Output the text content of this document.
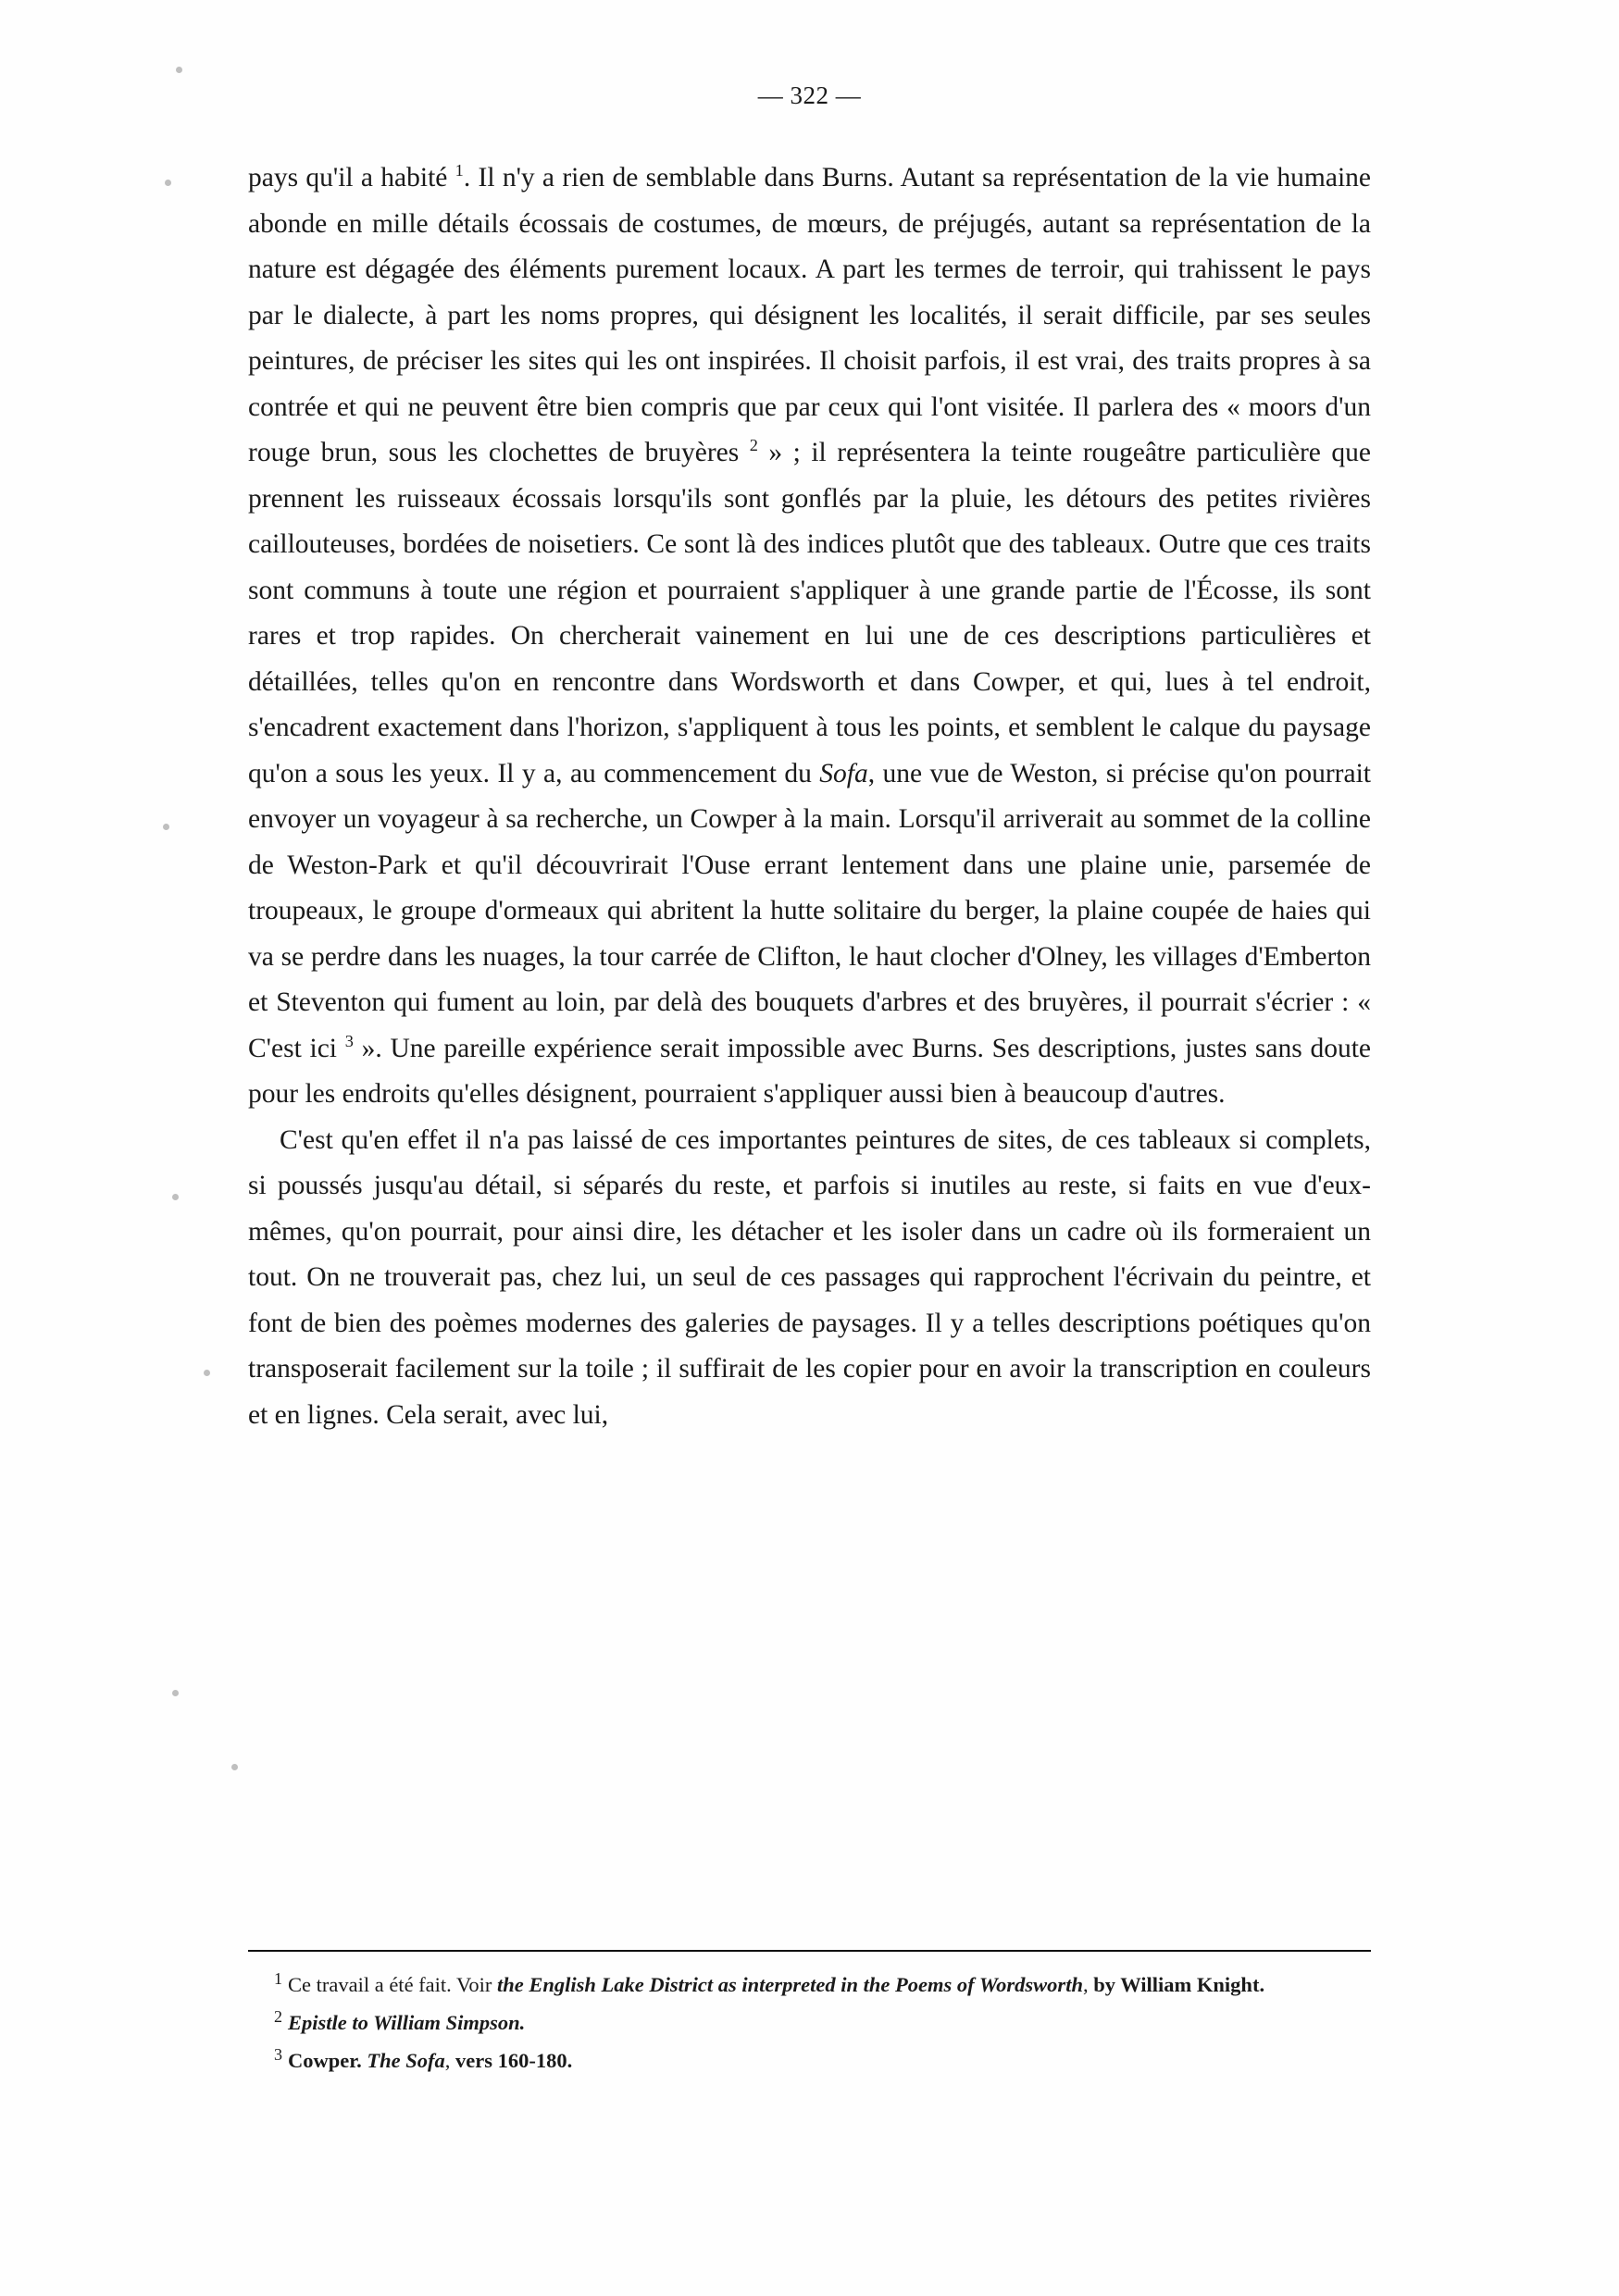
— 322 —

pays qu'il a habité $^1$. Il n'y a rien de semblable dans Burns. Autant sa représentation de la vie humaine abonde en mille détails écossais de costumes, de mœurs, de préjugés, autant sa représentation de la nature est dégagée des éléments purement locaux. A part les termes de terroir, qui trahissent le pays par le dialecte, à part les noms propres, qui désignent les localités, il serait difficile, par ses seules peintures, de préciser les sites qui les ont inspirées. Il choisit parfois, il est vrai, des traits propres à sa contrée et qui ne peuvent être bien compris que par ceux qui l'ont visitée. Il parlera des « moors d'un rouge brun, sous les clochettes de bruyères $^2$ » ; il représentera la teinte rougeâtre particulière que prennent les ruisseaux écossais lorsqu'ils sont gonflés par la pluie, les détours des petites rivières caillouteuses, bordées de noisetiers. Ce sont là des indices plutôt que des tableaux. Outre que ces traits sont communs à toute une région et pourraient s'appliquer à une grande partie de l'Écosse, ils sont rares et trop rapides. On chercherait vainement en lui une de ces descriptions particulières et détaillées, telles qu'on en rencontre dans Wordsworth et dans Cowper, et qui, lues à tel endroit, s'encadrent exactement dans l'horizon, s'appliquent à tous les points, et semblent le calque du paysage qu'on a sous les yeux. Il y a, au commencement du Sofa, une vue de Weston, si précise qu'on pourrait envoyer un voyageur à sa recherche, un Cowper à la main. Lorsqu'il arriverait au sommet de la colline de Weston-Park et qu'il découvrirait l'Ouse errant lentement dans une plaine unie, parsemée de troupeaux, le groupe d'ormeaux qui abritent la hutte solitaire du berger, la plaine coupée de haies qui va se perdre dans les nuages, la tour carrée de Clifton, le haut clocher d'Olney, les villages d'Emberton et Steventon qui fument au loin, par delà des bouquets d'arbres et des bruyères, il pourrait s'écrier : « C'est ici $^3$ ». Une pareille expérience serait impossible avec Burns. Ses descriptions, justes sans doute pour les endroits qu'elles désignent, pourraient s'appliquer aussi bien à beaucoup d'autres.

C'est qu'en effet il n'a pas laissé de ces importantes peintures de sites, de ces tableaux si complets, si poussés jusqu'au détail, si séparés du reste, et parfois si inutiles au reste, si faits en vue d'eux-mêmes, qu'on pourrait, pour ainsi dire, les détacher et les isoler dans un cadre où ils formeraient un tout. On ne trouverait pas, chez lui, un seul de ces passages qui rapprochent l'écrivain du peintre, et font de bien des poèmes modernes des galeries de paysages. Il y a telles descriptions poétiques qu'on transposerait facilement sur la toile ; il suffirait de les copier pour en avoir la transcription en couleurs et en lignes. Cela serait, avec lui,

$^1$ Ce travail a été fait. Voir the English Lake District as interpreted in the Poems of Wordsworth, by William Knight.

$^2$ Epistle to William Simpson.

$^3$ Cowper. The Sofa, vers 160-180.
